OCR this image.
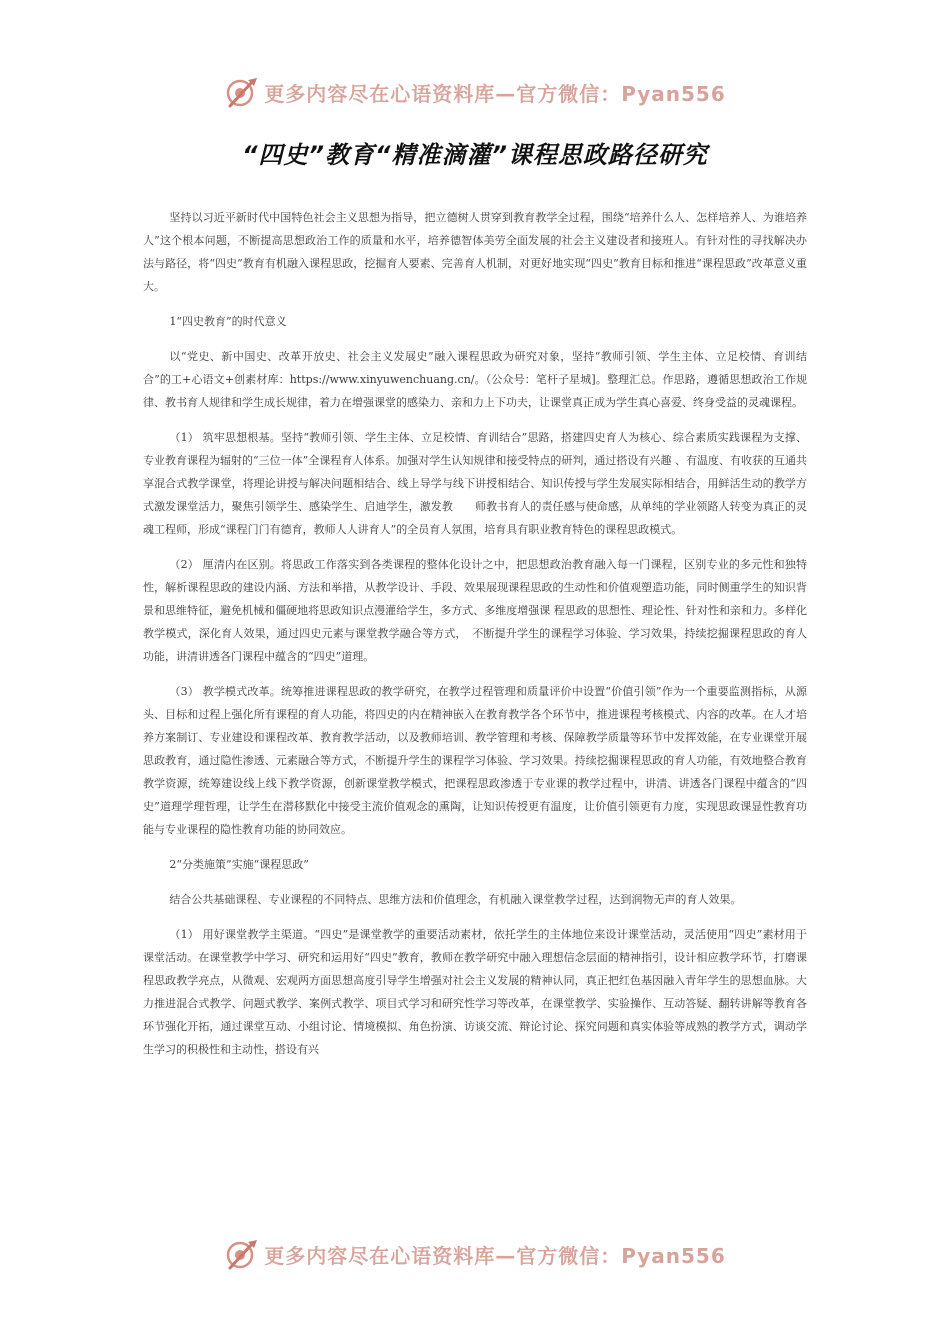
更多内容尽在心语资料库—官方微信：Pyan556
“四史”教育“精准滴灌”课程思政路径研究

坚持以习近平新时代中国特色社会主义思想为指导，把立德树人贯穿到教育教学全过程，围绕“培养什么人、怎样培养人、为谁培养人”这个根本问题，不断提高思想政治工作的质量和水平，培养德智体美劳全面发展的社会主义建设者和接班人。有针对性的寻找解决办法与路径，将“四史”教育有机融入课程思政，挖掘育人要素、完善育人机制，对更好地实现“四史”教育目标和推进“课程思政”改革意义重大。

1“四史教育”的时代意义

以“党史、新中国史、改革开放史、社会主义发展史”融入课程思政为研究对象，坚持“教师引领、学生主体、立足校情、育训结合”的工+心语文+创素材库：https://www.xinyuwenchuang.cn/。（公众号：笔杆子星城]。整理汇总。作思路，遵循思想政治工作规律、教书育人规律和学生成长规律，着力在增强课堂的感染力、亲和力上下功夫，让课堂真正成为学生真心喜爱、终身受益的灵魂课程。

（1） 筑牢思想根基。坚持“教师引领、学生主体、立足校情、育训结合”思路，搭建四史育人为核心、综合素质实践课程为支撑、专业教育课程为辐射的“三位一体”全课程育人体系。加强对学生认知规律和接受特点的研判，通过搭设有兴趣 、有温度、有收获的互通共享混合式教学课堂，将理论讲授与解决问题相结合、线上导学与线下讲授相结合、知识传授与学生发展实际相结合，用鲜活生动的教学方式激发课堂活力，聚焦引领学生、感染学生、启迪学生，激发教　　师教书育人的责任感与使命感，从单纯的学业领路人转变为真正的灵魂工程师，形成“课程门门有德育，教师人人讲育人”的全员育人氛围，培育具有职业教育特色的课程思政模式。

（2） 厘清内在区别。将思政工作落实到各类课程的整体化设计之中，把思想政治教育融入每一门课程，区别专业的多元性和独特性，解析课程思政的建设内涵、方法和举措，从教学设计、手段、效果展现课程思政的生动性和价值观塑造功能，同时侧重学生的知识背景和思维特征，避免机械和僵硬地将思政知识点漫灌给学生，多方式、多维度增强课 程思政的思想性、理论性、针对性和亲和力。多样化教学模式，深化育人效果，通过四史元素与课堂教学融合等方式，　不断提升学生的课程学习体验、学习效果，持续挖掘课程思政的育人功能，讲清讲透各门课程中蕴含的“四史”道理。

（3） 教学模式改革。统筹推进课程思政的教学研究，在教学过程管理和质量评价中设置“价值引领”作为一个重要监测指标，从源头、目标和过程上强化所有课程的育人功能，将四史的内在精神嵌入在教育教学各个环节中，推进课程考核模式、内容的改革。在人才培养方案制订、专业建设和课程改革、教育教学活动，以及教师培训、教学管理和考核、保障教学质量等环节中发挥效能，在专业课堂开展思政教育，通过隐性渗透、元素融合等方式，不断提升学生的课程学习体验、学习效果。持续挖掘课程思政的育人功能，有效地整合教育教学资源，统筹建设线上线下教学资源，创新课堂教学模式，把课程思政渗透于专业课的教学过程中，讲清、讲透各门课程中蕴含的“四史”道理学理哲理，让学生在潜移默化中接受主流价值观念的熏陶，让知识传授更有温度，让价值引领更有力度，实现思政课显性教育功能与专业课程的隐性教育功能的协同效应。

2“分类施策”实施“课程思政”

结合公共基础课程、专业课程的不同特点、思维方法和价值理念，有机融入课堂教学过程，达到润物无声的育人效果。

（1） 用好课堂教学主渠道。“四史”是课堂教学的重要活动素材，依托学生的主体地位来设计课堂活动，灵活使用“四史”素材用于课堂活动。在课堂教学中学习、研究和运用好“四史”教育，教师在教学研究中融入理想信念层面的精神指引，设计相应教学环节，打磨课程思政教学亮点，从微观、宏观两方面思想高度引导学生增强对社会主义发展的精神认同，真正把红色基因融入青年学生的思想血脉。大力推进混合式教学、问题式教学、案例式教学、项目式学习和研究性学习等改革，在课堂教学、实验操作、互动答疑、翻转讲解等教育各环节强化开拓，通过课堂互动、小组讨论、情境模拟、角色扮演、访谈交流、辩论讨论、探究问题和真实体验等成熟的教学方式，调动学生学习的积极性和主动性，搭设有兴

更多内容尽在心语资料库—官方微信：Pyan556
